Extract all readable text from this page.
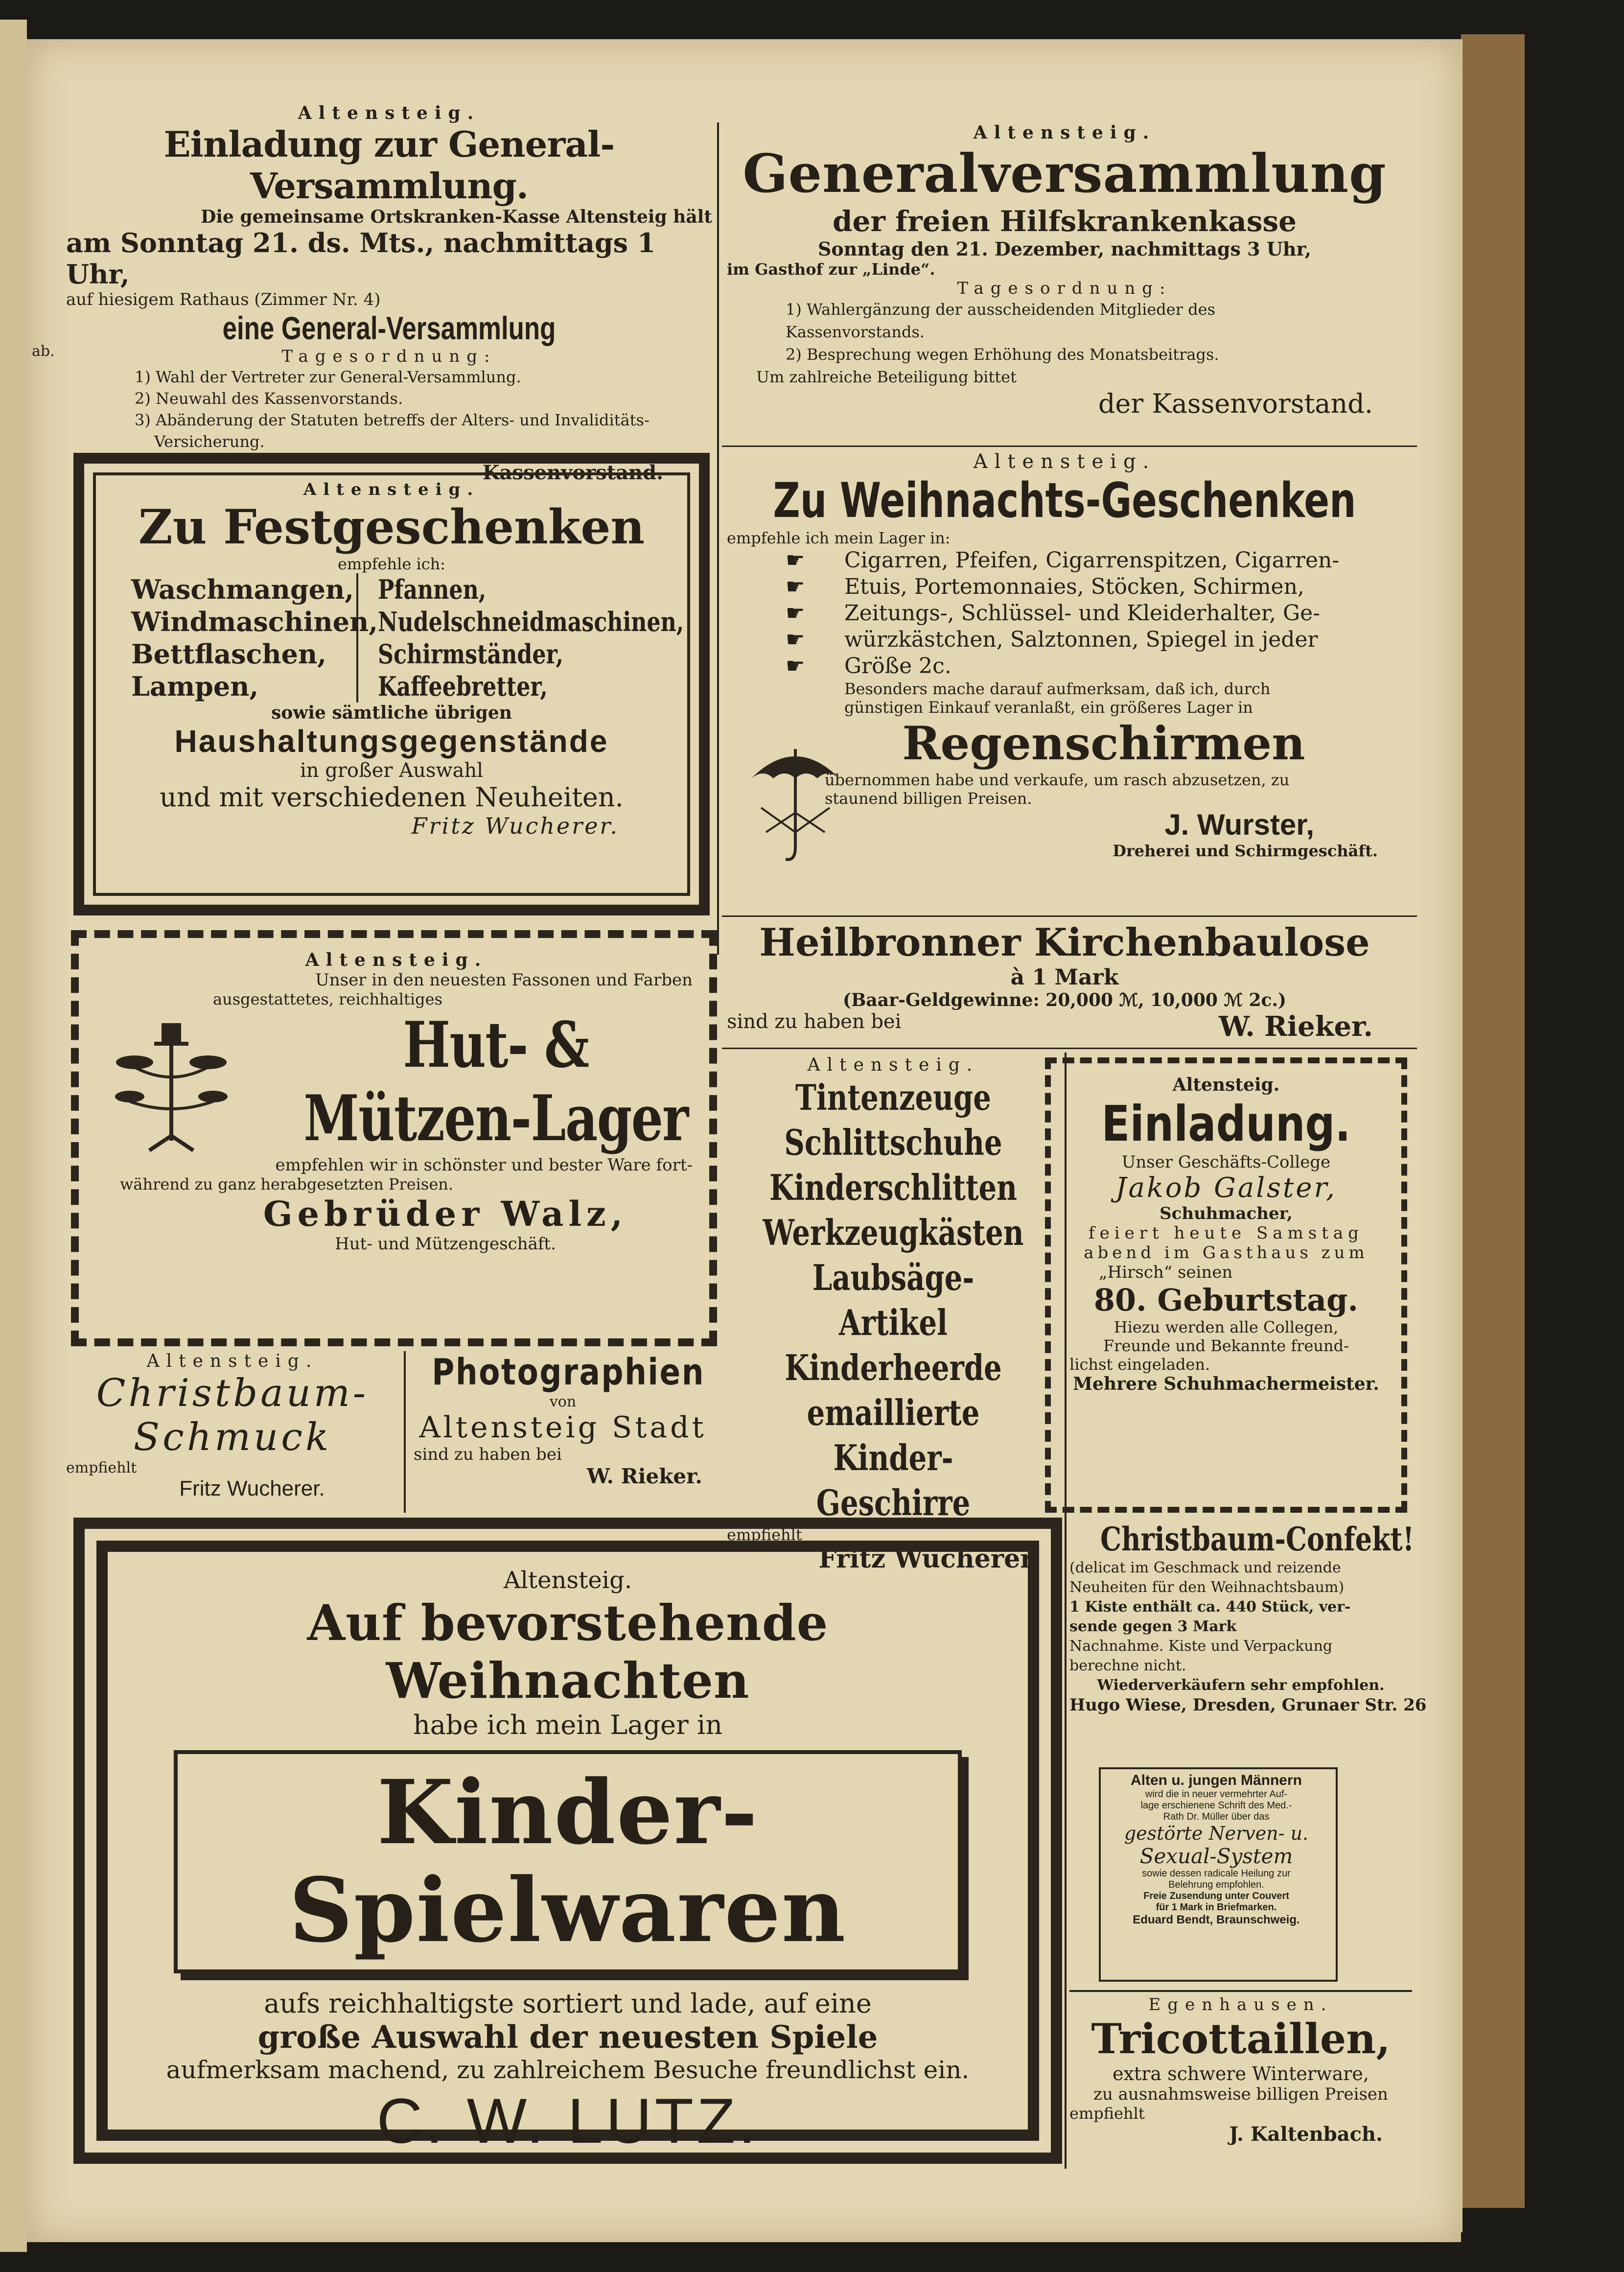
Altensteig.
Einladung zur General-Versammlung.
Die gemeinsame Ortskranken-Kasse Altensteig hält
am Sonntag 21. ds. Mts., nachmittags 1 Uhr,
auf hiesigem Rathaus (Zimmer Nr. 4)
eine General-Versammlung
ab.	Tagesordnung:
1) Wahl der Vertreter zur General-Versammlung.
2) Neuwahl des Kassenvorstands.
3) Abänderung der Statuten betreffs der Alters- und Invaliditäts-
Versicherung.
Kassenvorstand.
Altensteig.
Generalversammlung
der freien Hilfskrankenkasse
Sonntag den 21. Dezember, nachmittags 3 Uhr,
im Gasthof zur „Linde“.
Tagesordnung:
1) Wahlergänzung der ausscheidenden Mitglieder des
Kassenvorstands.
2) Besprechung wegen Erhöhung des Monatsbeitrags.
Um zahlreiche Beteiligung bittet
der Kassenvorstand.
Altensteig.
Zu Festgeschenken
empfehle ich:
Waschmangen,
Windmaschinen,
Bettflaschen,
Lampen,
Pfannen,
Nudelschneidmaschinen,
Schirmständer,
Kaffeebretter,
sowie sämtliche übrigen
Haushaltungsgegenstände
in großer Auswahl
und mit verschiedenen Neuheiten.
Fritz Wucherer.
Altensteig.
Zu Weihnachts-Geschenken
empfehle ich mein Lager in:
Cigarren, Pfeifen, Cigarrenspitzen, Cigarren-
Etuis, Portemonnaies, Stöcken, Schirmen,
Zeitungs-, Schlüssel- und Kleiderhalter, Ge-
würzkästchen, Salztonnen, Spiegel in jeder
Größe 2c.
☛
☛
☛
☛
☛
Besonders mache darauf aufmerksam, daß ich, durch
günstigen Einkauf veranlaßt, ein größeres Lager in
Regenschirmen
übernommen habe und verkaufe, um rasch abzusetzen, zu
staunend billigen Preisen.
J. Wurster,
Dreherei und Schirmgeschäft.
Heilbronner Kirchenbaulose
à 1 Mark
(Baar-Geldgewinne: 20,000 ℳ, 10,000 ℳ 2c.)
sind zu haben bei	W. Rieker.
Altensteig.
Unser in den neuesten Fassonen und Farben
ausgestattetes, reichhaltiges
Hut- & Mützen-Lager
empfehlen wir in schönster und bester Ware fort-
während zu ganz herabgesetzten Preisen.
Gebrüder Walz,
Hut- und Mützengeschäft.
Altensteig.
Christbaum-
Schmuck
empfiehlt
Fritz Wucherer.
Photographien
von
Altensteig Stadt
sind zu haben bei
W. Rieker.
Altensteig.
Tintenzeuge
Schlittschuhe
Kinderschlitten
Werkzeugkästen
Laubsäge-Artikel
Kinderheerde
emaillierte Kinder-
Geschirre
empfiehlt
Fritz Wucherer.
Altensteig.
Einladung.
Unser Geschäfts-College
Jakob Galster,
Schuhmacher,
feiert heute Samstag
abend im Gasthaus zum
„Hirsch“ seinen
80. Geburtstag.
Hiezu werden alle Collegen,
Freunde und Bekannte freund-
lichst eingeladen.
Mehrere Schuhmachermeister.
Altensteig.
Auf bevorstehende Weihnachten
habe ich mein Lager in
Kinder-Spielwaren
aufs reichhaltigste sortiert und lade, auf eine
große Auswahl der neuesten Spiele
aufmerksam machend, zu zahlreichem Besuche freundlichst ein.
C. W. LUTZ.
Christbaum-Confekt!
(delicat im Geschmack und reizende
Neuheiten für den Weihnachtsbaum)
1 Kiste enthält ca. 440 Stück, ver-
sende gegen 3 Mark
Nachnahme. Kiste und Verpackung
berechne nicht.
Wiederverkäufern sehr empfohlen.
Hugo Wiese, Dresden, Grunaer Str. 26
Alten u. jungen Männern
wird die in neuer vermehrter Auf-
lage erschienene Schrift des Med.-
Rath Dr. Müller über das
gestörte Nerven- u.
Sexual-System
sowie dessen radicale Heilung zur
Belehrung empfohlen.
Freie Zusendung unter Couvert
für 1 Mark in Briefmarken.
Eduard Bendt, Braunschweig.
Egenhausen.
Tricottaillen,
extra schwere Winterware,
zu ausnahmsweise billigen Preisen
empfiehlt
J. Kaltenbach.
